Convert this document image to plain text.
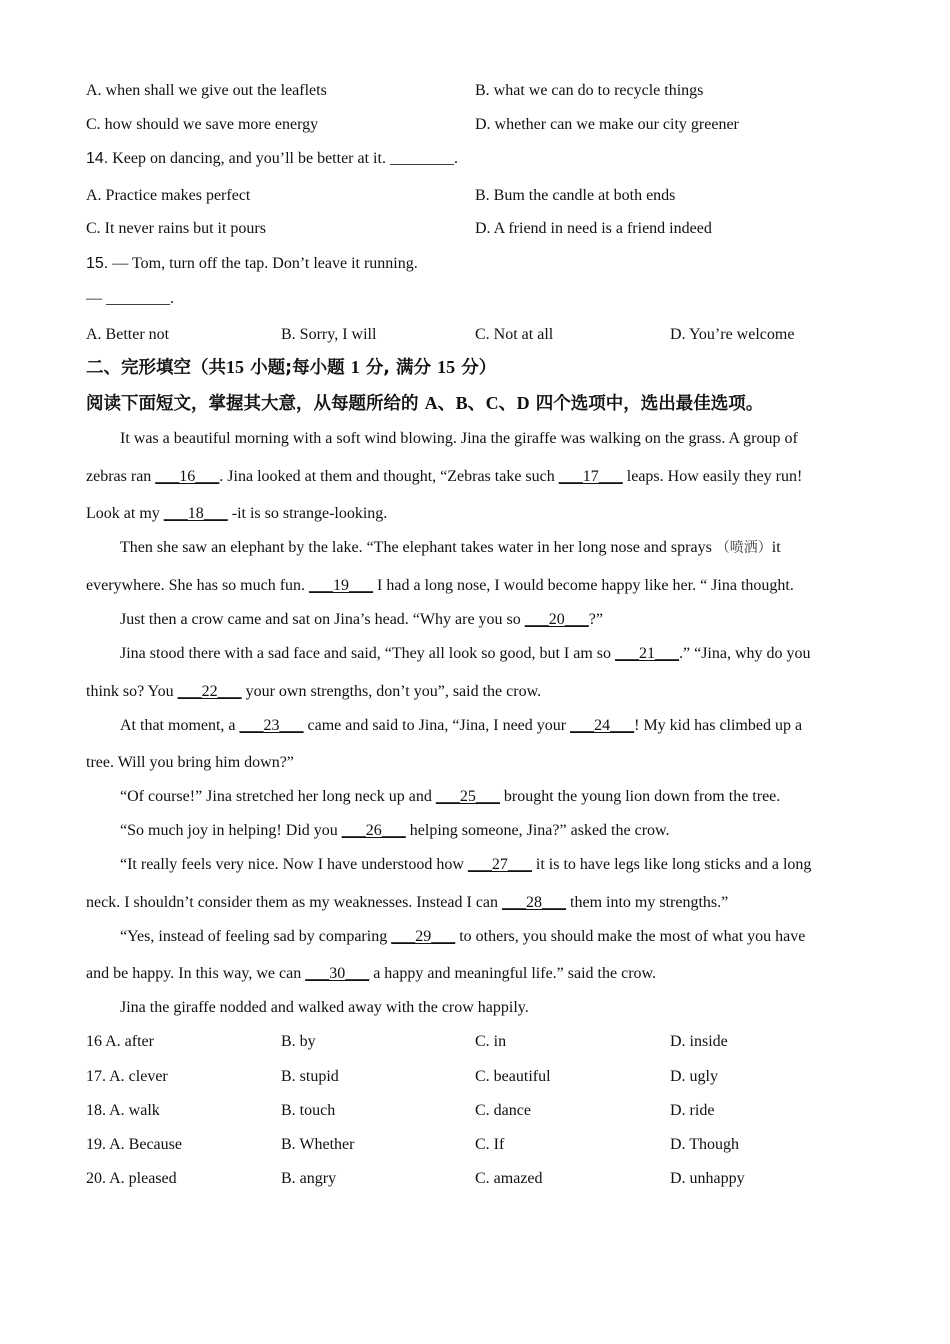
A. when shall we give out the leaflets	B. what we can do to recycle things
C. how should we save more energy	D. whether can we make our city greener
14. Keep on dancing, and you’ll be better at it. ________.
A. Practice makes perfect	B. Bum the candle at both ends
C. It never rains but it pours	D. A friend in need is a friend indeed
15. — Tom, turn off the tap. Don’t leave it running.
— ________.
A. Better not	B. Sorry, I will	C. Not at all	D. You’re welcome
二、完形填空（共15 小题;每小题 1 分, 满分 15 分）
阅读下面短文，掌握其大意，从每题所给的 A、B、C、D 四个选项中，选出最佳选项。
It was a beautiful morning with a soft wind blowing. Jina the giraffe was walking on the grass. A group of
zebras ran ___16___. Jina looked at them and thought, “Zebras take such ___17___ leaps. How easily they run!
Look at my ___18___ -it is so strange-looking.
Then she saw an elephant by the lake. “The elephant takes water in her long nose and sprays （喷洒）it
everywhere. She has so much fun. ___19___ I had a long nose, I would become happy like her. “ Jina thought.
Just then a crow came and sat on Jina’s head. “Why are you so ___20___?”
Jina stood there with a sad face and said, “They all look so good, but I am so ___21___.” “Jina, why do you
think so? You ___22___ your own strengths, don’t you”, said the crow.
At that moment, a ___23___ came and said to Jina, “Jina, I need your ___24___! My kid has climbed up a
tree. Will you bring him down?”
“Of course!” Jina stretched her long neck up and ___25___ brought the young lion down from the tree.
“So much joy in helping! Did you ___26___ helping someone, Jina?” asked the crow.
“It really feels very nice. Now I have understood how ___27___ it is to have legs like long sticks and a long
neck. I shouldn’t consider them as my weaknesses. Instead I can ___28___ them into my strengths.”
“Yes, instead of feeling sad by comparing ___29___ to others, you should make the most of what you have
and be happy. In this way, we can ___30___ a happy and meaningful life.” said the crow.
Jina the giraffe nodded and walked away with the crow happily.
16 A. after	B. by	C. in	D. inside
17. A. clever	B. stupid	C. beautiful	D. ugly
18. A. walk	B. touch	C. dance	D. ride
19. A. Because	B. Whether	C. If	D. Though
20. A. pleased	B. angry	C. amazed	D. unhappy
